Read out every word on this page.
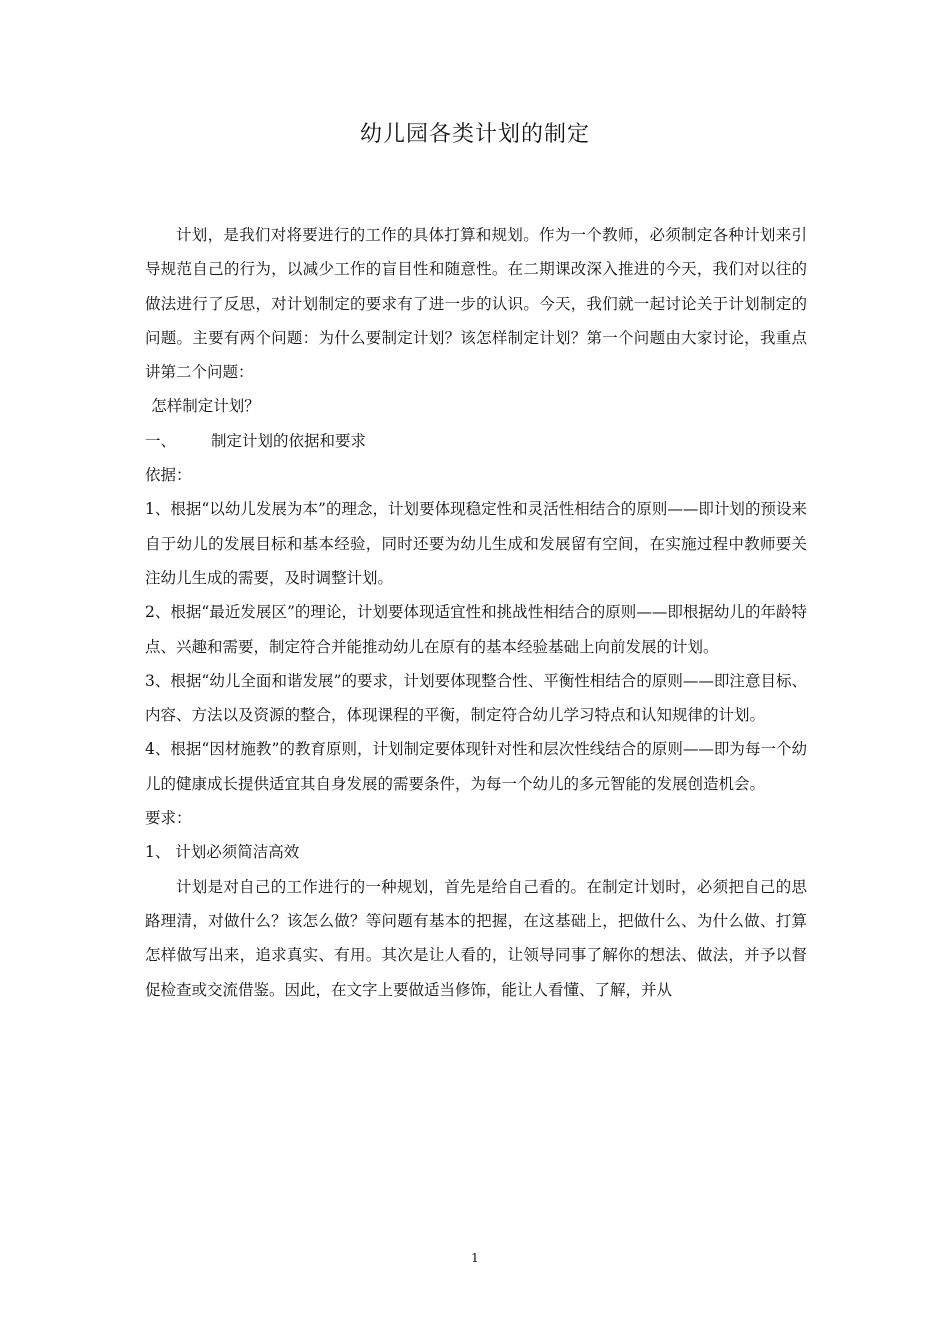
幼儿园各类计划的制定

计划，是我们对将要进行的工作的具体打算和规划。作为一个教师，必须制定各种计划来引导规范自己的行为，以减少工作的盲目性和随意性。在二期课改深入推进的今天，我们对以往的做法进行了反思，对计划制定的要求有了进一步的认识。今天，我们就一起讨论关于计划制定的问题。主要有两个问题：为什么要制定计划？该怎样制定计划？第一个问题由大家讨论，我重点讲第二个问题：

怎样制定计划？

一、	制定计划的依据和要求

依据：

1、根据“以幼儿发展为本”的理念，计划要体现稳定性和灵活性相结合的原则——即计划的预设来自于幼儿的发展目标和基本经验，同时还要为幼儿生成和发展留有空间，在实施过程中教师要关注幼儿生成的需要，及时调整计划。

2、根据“最近发展区”的理论，计划要体现适宜性和挑战性相结合的原则——即根据幼儿的年龄特点、兴趣和需要，制定符合并能推动幼儿在原有的基本经验基础上向前发展的计划。

3、根据“幼儿全面和谐发展”的要求，计划要体现整合性、平衡性相结合的原则——即注意目标、内容、方法以及资源的整合，体现课程的平衡，制定符合幼儿学习特点和认知规律的计划。

4、根据“因材施教”的教育原则，计划制定要体现针对性和层次性线结合的原则——即为每一个幼儿的健康成长提供适宜其自身发展的需要条件，为每一个幼儿的多元智能的发展创造机会。

要求：

1、 计划必须简洁高效

计划是对自己的工作进行的一种规划，首先是给自己看的。在制定计划时，必须把自己的思路理清，对做什么？该怎么做？等问题有基本的把握，在这基础上，把做什么、为什么做、打算怎样做写出来，追求真实、有用。其次是让人看的，让领导同事了解你的想法、做法，并予以督促检查或交流借鉴。因此，在文字上要做适当修饰，能让人看懂、了解，并从

1
